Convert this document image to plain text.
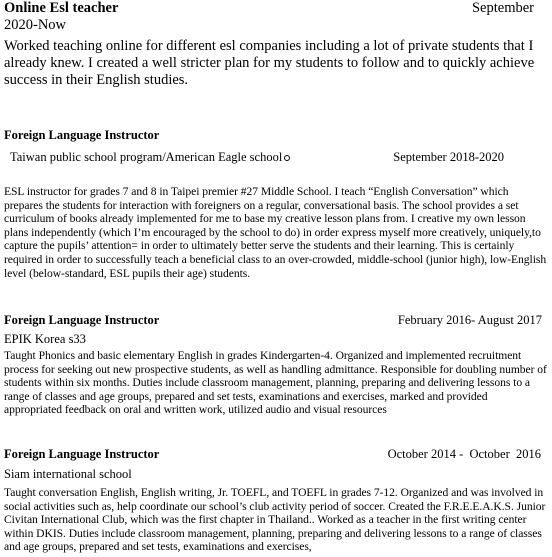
Online Esl teacher	September
2020-Now

Worked teaching online for different esl companies including a lot of private students that I already knew. I created a well stricter plan for my students to follow and to quickly achieve success in their English studies.

Foreign Language Instructor
Taiwan public school program/American Eagle school	September 2018-2020

ESL instructor for grades 7 and 8 in Taipei premier #27 Middle School. I teach “English Conversation” which prepares the students for interaction with foreigners on a regular, conversational basis. The school provides a set curriculum of books already implemented for me to base my creative lesson plans from. I creative my own lesson plans independently (which I’m encouraged by the school to do) in order express myself more creatively, uniquely,to capture the pupils’ attention= in order to ultimately better serve the students and their learning. This is certainly required in order to successfully teach a beneficial class to an over-crowded, middle-school (junior high), low-English level (below-standard, ESL pupils their age) students.

Foreign Language Instructor	February 2016- August 2017
EPIK Korea s33

Taught Phonics and basic elementary English in grades Kindergarten-4. Organized and implemented recruitment process for seeking out new prospective students, as well as handling admittance. Responsible for doubling number of students within six months. Duties include classroom management, planning, preparing and delivering lessons to a range of classes and age groups, prepared and set tests, examinations and exercises, marked and provided appropriated feedback on oral and written work, utilized audio and visual resources

Foreign Language Instructor	October 2014 -  October  2016
Siam international school

Taught conversation English, English writing, Jr. TOEFL, and TOEFL in grades 7-12. Organized and was involved in social activities such as, help coordinate our school’s club activity period of soccer. Created the F.R.E.E.A.K.S. Junior Civitan International Club, which was the first chapter in Thailand.. Worked as a teacher in the first writing center within DKIS. Duties include classroom management, planning, preparing and delivering lessons to a range of classes and age groups, prepared and set tests, examinations and exercises,
